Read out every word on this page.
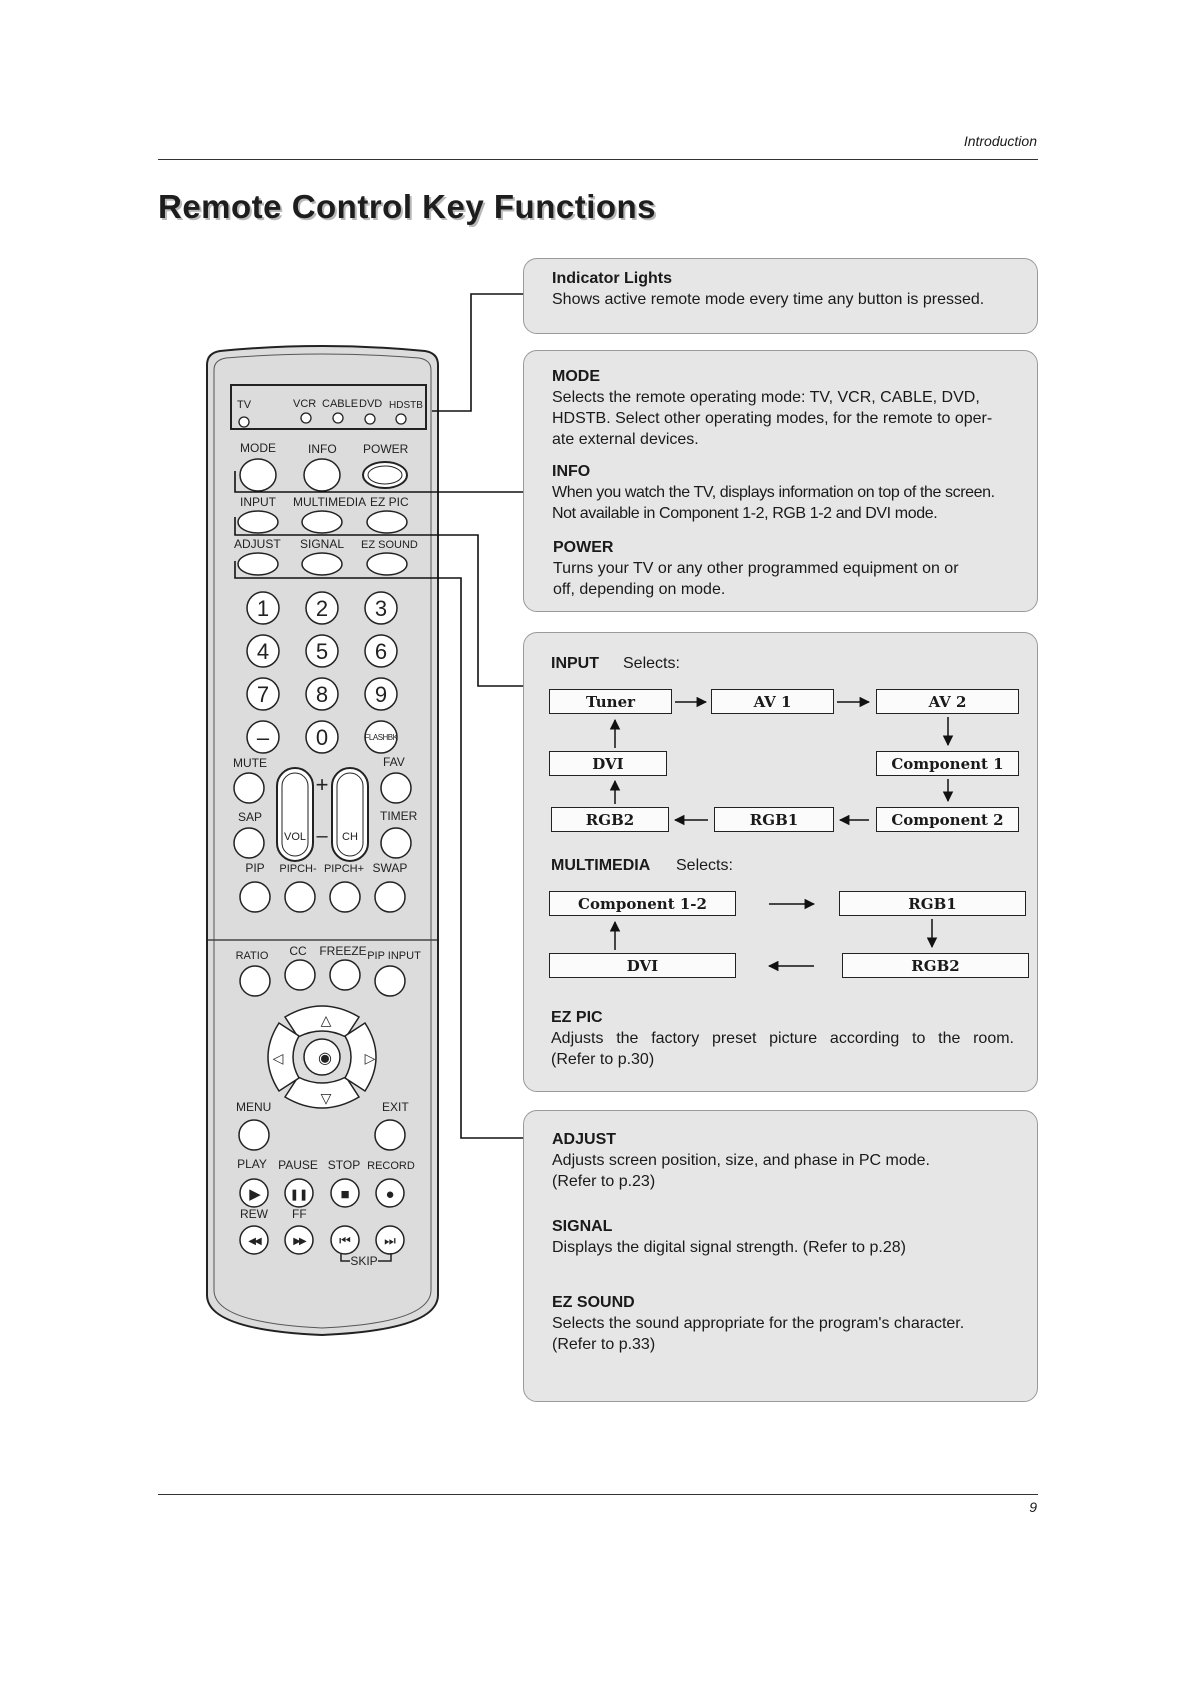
Introduction
Remote Control Key Functions
TV	VCR CABLE DVD HDSTB
MODE	INFO POWER
INPUT MULTIMEDIA EZ PIC
ADJUST SIGNAL EZ SOUND
1 2 3
4 5 6
7 8 9
– 0	FLASHBK
MUTE	FAV
SAP	TIMER
VOL	CH
+
–
PIP PIPCH- PIPCH+ SWAP
RATIO CC FREEZE PIP INPUT
△
▽
◁	▷
◉
MENU	EXIT
PLAY PAUSE STOP RECORD
▶	❚❚ ■ ●
REW FF
◀◀	▶▶	⏮	⏭
SKIP
Indicator Lights
Shows active remote mode every time any button is pressed.
MODE
Selects the remote operating mode: TV, VCR, CABLE, DVD,
HDSTB. Select other operating modes, for the remote to oper-
ate external devices.
INFO
When you watch the TV, displays information on top of the screen.
Not available in Component 1-2, RGB 1-2 and DVI mode.
POWER
Turns your TV or any other programmed equipment on or
off, depending on mode.
INPUT Selects:
Tuner	AV 1	AV 2
DVI	Component 1
RGB2	RGB1	Component 2
MULTIMEDIA Selects:
Component 1-2	RGB1
DVI	RGB2
EZ PIC
Adjusts the factory preset picture according to the room.
(Refer to p.30)
ADJUST
Adjusts screen position, size, and phase in PC mode.
(Refer to p.23)
SIGNAL
Displays the digital signal strength. (Refer to p.28)
EZ SOUND
Selects the sound appropriate for the program's character.
(Refer to p.33)
9
